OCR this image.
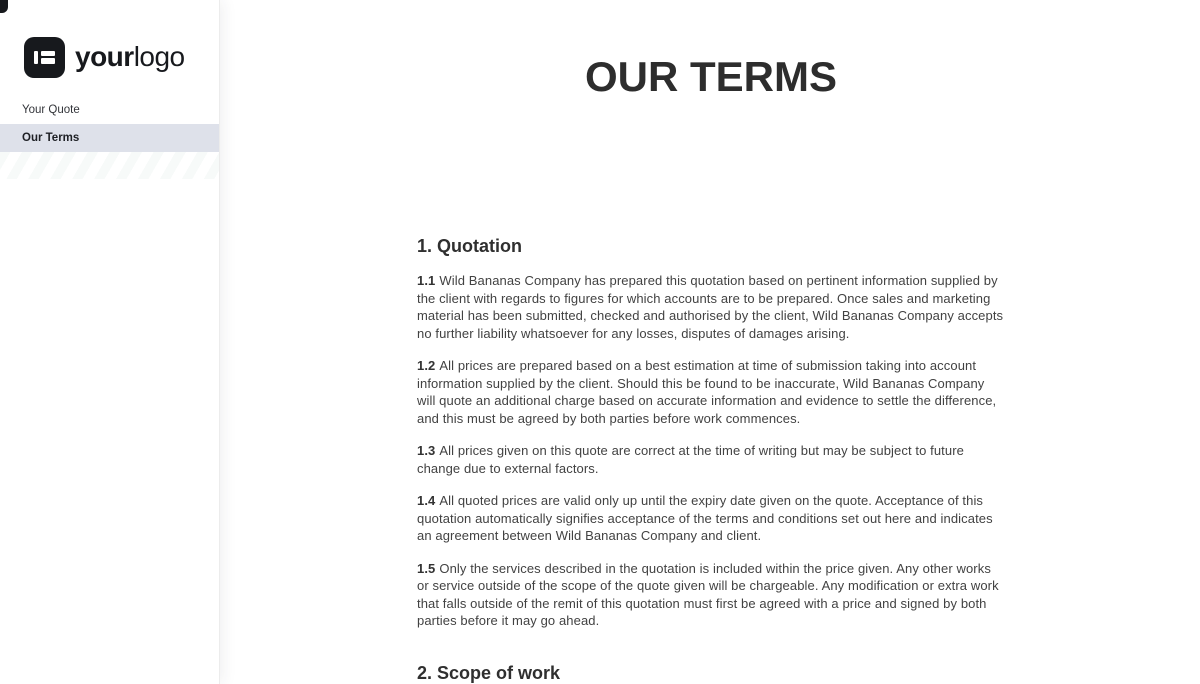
yourlogo
Your Quote
Our Terms
OUR TERMS
1. Quotation

1.1 Wild Bananas Company has prepared this quotation based on pertinent information supplied by the client with regards to figures for which accounts are to be prepared. Once sales and marketing material has been submitted, checked and authorised by the client, Wild Bananas Company accepts no further liability whatsoever for any losses, disputes of damages arising.

1.2 All prices are prepared based on a best estimation at time of submission taking into account information supplied by the client. Should this be found to be inaccurate, Wild Bananas Company will quote an additional charge based on accurate information and evidence to settle the difference, and this must be agreed by both parties before work commences.

1.3 All prices given on this quote are correct at the time of writing but may be subject to future change due to external factors.

1.4 All quoted prices are valid only up until the expiry date given on the quote. Acceptance of this quotation automatically signifies acceptance of the terms and conditions set out here and indicates an agreement between Wild Bananas Company and client.

1.5 Only the services described in the quotation is included within the price given. Any other works or service outside of the scope of the quote given will be chargeable. Any modification or extra work that falls outside of the remit of this quotation must first be agreed with a price and signed by both parties before it may go ahead.

2. Scope of work
